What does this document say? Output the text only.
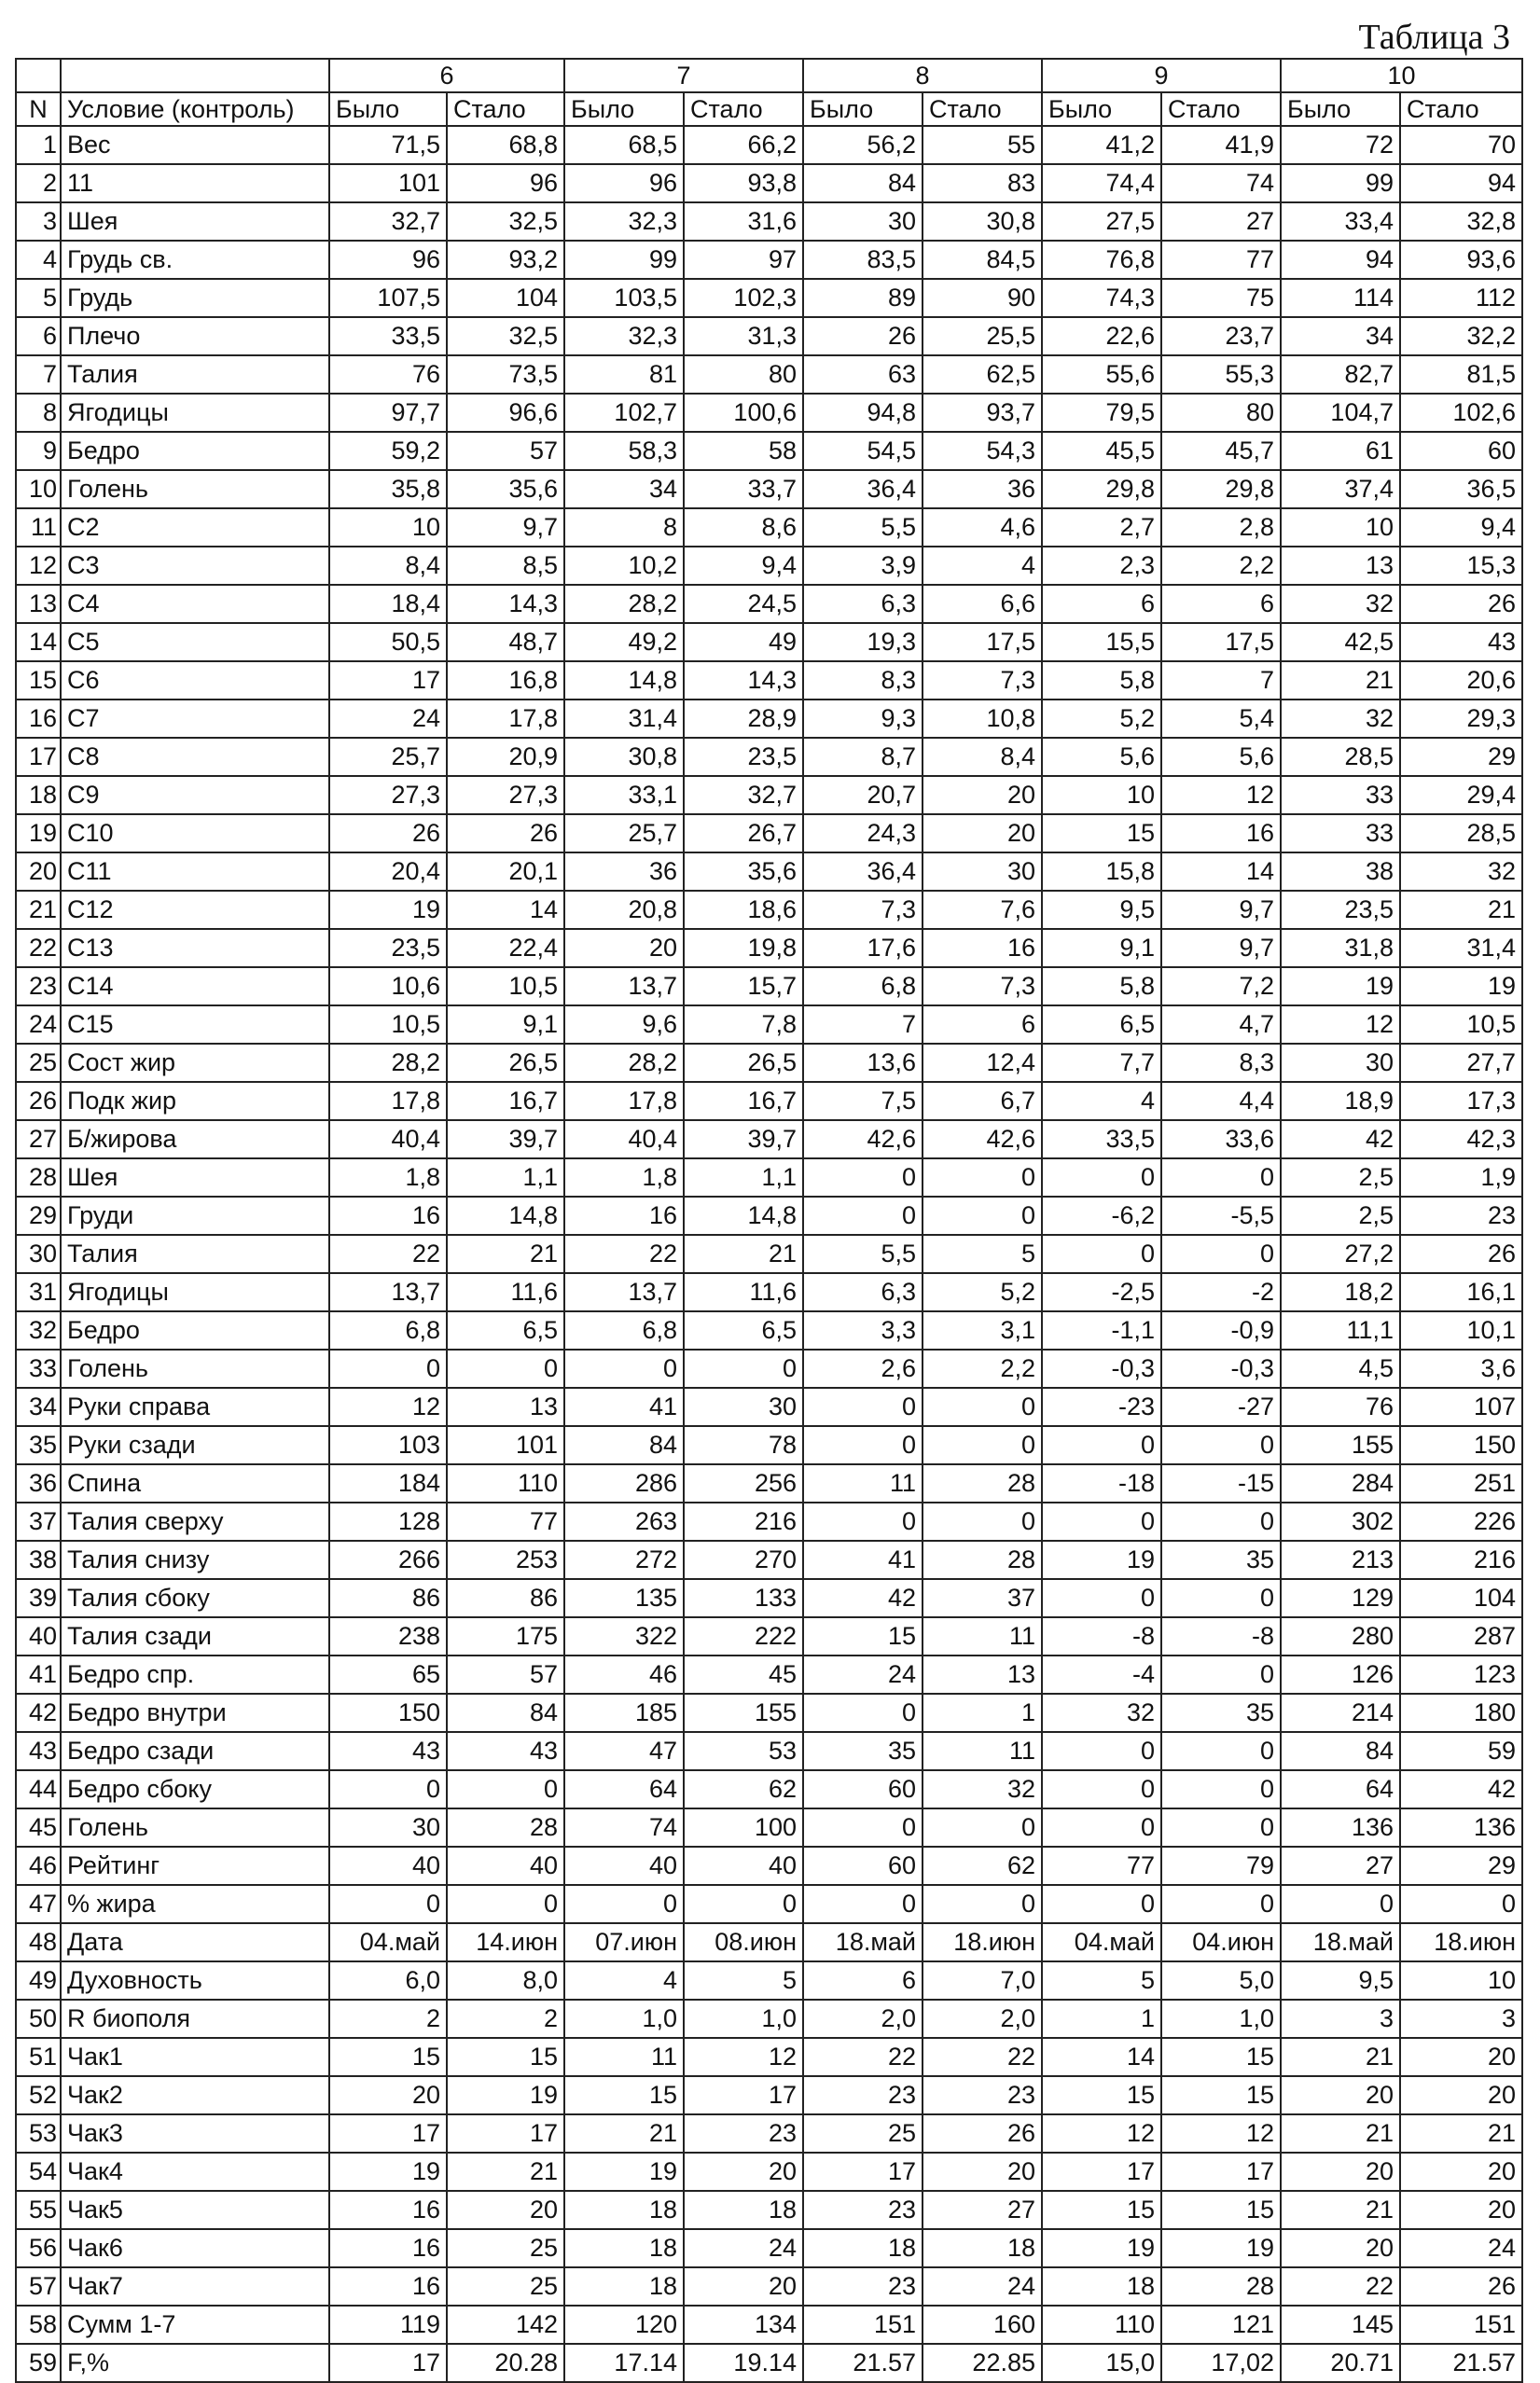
Таблица 3
		6	7	8	9	10
N	Условие (контроль)	Было	Стало	Было	Стало	Было	Стало	Было	Стало	Было	Стало
1	Вес	71,5	68,8	68,5	66,2	56,2	55	41,2	41,9	72	70
2	11	101	96	96	93,8	84	83	74,4	74	99	94
3	Шея	32,7	32,5	32,3	31,6	30	30,8	27,5	27	33,4	32,8
4	Грудь св.	96	93,2	99	97	83,5	84,5	76,8	77	94	93,6
5	Грудь	107,5	104	103,5	102,3	89	90	74,3	75	114	112
6	Плечо	33,5	32,5	32,3	31,3	26	25,5	22,6	23,7	34	32,2
7	Талия	76	73,5	81	80	63	62,5	55,6	55,3	82,7	81,5
8	Ягодицы	97,7	96,6	102,7	100,6	94,8	93,7	79,5	80	104,7	102,6
9	Бедро	59,2	57	58,3	58	54,5	54,3	45,5	45,7	61	60
10	Голень	35,8	35,6	34	33,7	36,4	36	29,8	29,8	37,4	36,5
11	С2	10	9,7	8	8,6	5,5	4,6	2,7	2,8	10	9,4
12	С3	8,4	8,5	10,2	9,4	3,9	4	2,3	2,2	13	15,3
13	С4	18,4	14,3	28,2	24,5	6,3	6,6	6	6	32	26
14	С5	50,5	48,7	49,2	49	19,3	17,5	15,5	17,5	42,5	43
15	С6	17	16,8	14,8	14,3	8,3	7,3	5,8	7	21	20,6
16	С7	24	17,8	31,4	28,9	9,3	10,8	5,2	5,4	32	29,3
17	С8	25,7	20,9	30,8	23,5	8,7	8,4	5,6	5,6	28,5	29
18	С9	27,3	27,3	33,1	32,7	20,7	20	10	12	33	29,4
19	С10	26	26	25,7	26,7	24,3	20	15	16	33	28,5
20	С11	20,4	20,1	36	35,6	36,4	30	15,8	14	38	32
21	С12	19	14	20,8	18,6	7,3	7,6	9,5	9,7	23,5	21
22	С13	23,5	22,4	20	19,8	17,6	16	9,1	9,7	31,8	31,4
23	С14	10,6	10,5	13,7	15,7	6,8	7,3	5,8	7,2	19	19
24	С15	10,5	9,1	9,6	7,8	7	6	6,5	4,7	12	10,5
25	Сост жир	28,2	26,5	28,2	26,5	13,6	12,4	7,7	8,3	30	27,7
26	Подк жир	17,8	16,7	17,8	16,7	7,5	6,7	4	4,4	18,9	17,3
27	Б/жирова	40,4	39,7	40,4	39,7	42,6	42,6	33,5	33,6	42	42,3
28	Шея	1,8	1,1	1,8	1,1	0	0	0	0	2,5	1,9
29	Груди	16	14,8	16	14,8	0	0	-6,2	-5,5	2,5	23
30	Талия	22	21	22	21	5,5	5	0	0	27,2	26
31	Ягодицы	13,7	11,6	13,7	11,6	6,3	5,2	-2,5	-2	18,2	16,1
32	Бедро	6,8	6,5	6,8	6,5	3,3	3,1	-1,1	-0,9	11,1	10,1
33	Голень	0	0	0	0	2,6	2,2	-0,3	-0,3	4,5	3,6
34	Руки справа	12	13	41	30	0	0	-23	-27	76	107
35	Руки сзади	103	101	84	78	0	0	0	0	155	150
36	Спина	184	110	286	256	11	28	-18	-15	284	251
37	Талия сверху	128	77	263	216	0	0	0	0	302	226
38	Талия снизу	266	253	272	270	41	28	19	35	213	216
39	Талия сбоку	86	86	135	133	42	37	0	0	129	104
40	Талия сзади	238	175	322	222	15	11	-8	-8	280	287
41	Бедро спр.	65	57	46	45	24	13	-4	0	126	123
42	Бедро внутри	150	84	185	155	0	1	32	35	214	180
43	Бедро сзади	43	43	47	53	35	11	0	0	84	59
44	Бедро сбоку	0	0	64	62	60	32	0	0	64	42
45	Голень	30	28	74	100	0	0	0	0	136	136
46	Рейтинг	40	40	40	40	60	62	77	79	27	29
47	% жира	0	0	0	0	0	0	0	0	0	0
48	Дата	04.май	14.июн	07.июн	08.июн	18.май	18.июн	04.май	04.июн	18.май	18.июн
49	Духовность	6,0	8,0	4	5	6	7,0	5	5,0	9,5	10
50	R биополя	2	2	1,0	1,0	2,0	2,0	1	1,0	3	3
51	Чак1	15	15	11	12	22	22	14	15	21	20
52	Чак2	20	19	15	17	23	23	15	15	20	20
53	Чак3	17	17	21	23	25	26	12	12	21	21
54	Чак4	19	21	19	20	17	20	17	17	20	20
55	Чак5	16	20	18	18	23	27	15	15	21	20
56	Чак6	16	25	18	24	18	18	19	19	20	24
57	Чак7	16	25	18	20	23	24	18	28	22	26
58	Сумм 1-7	119	142	120	134	151	160	110	121	145	151
59	F,%	17	20.28	17.14	19.14	21.57	22.85	15,0	17,02	20.71	21.57
